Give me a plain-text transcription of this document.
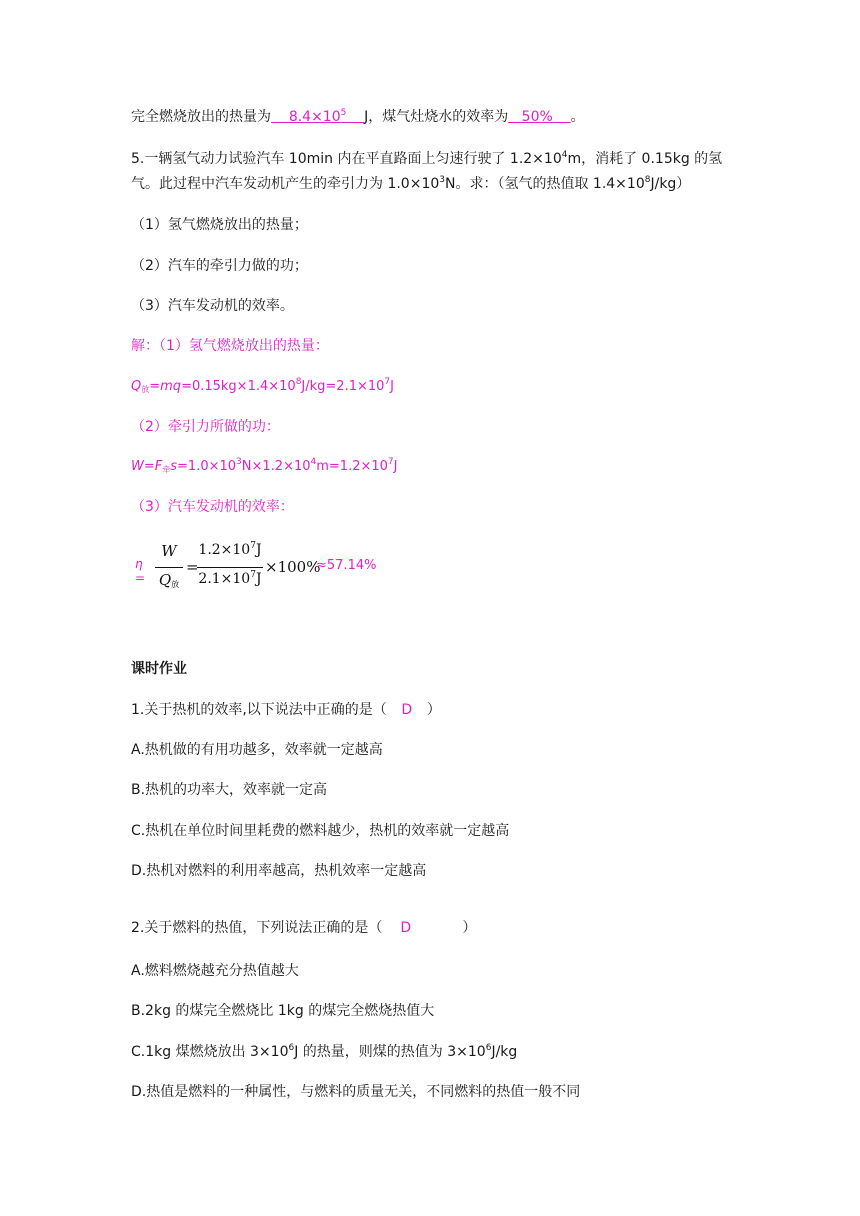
完全燃烧放出的热量为 $8.4\times 10^5$ J，煤气灶烧水的效率为 50% 。
5.一辆氢气动力试验汽车 10min 内在平直路面上匀速行驶了 $1.2\times 10^4m$，消耗了 0.15kg 的氢
气。此过程中汽车发动机产生的牵引力为 $1.0\times 10^3N$。求：（氢气的热值取 $1.4\times 10^8J/kg$）
（1）氢气燃烧放出的热量；
（2）汽车的牵引力做的功；
（3）汽车发动机的效率。
解：（1）氢气燃烧放出的热量：
$Q_放=mq=0.15kg\times 1.4\times 10^8J/kg=2.1\times 10^7J$
（2）牵引力所做的功：
$W=F_牵s=1.0\times 10^3N\times 1.2\times 10^4m=1.2\times 10^7J$
（3）汽车发动机的效率：
η =
W
$Q_放$
=
$1.2\times 10^7J$
$2.1\times 10^7J$
×100%
≈57.14%
课时作业
1.关于热机的效率,以下说法中正确的是（ D ）
A.热机做的有用功越多，效率就一定越高
B.热机的功率大，效率就一定高
C.热机在单位时间里耗费的燃料越少，热机的效率就一定越高
D.热机对燃料的利用率越高，热机效率一定越高
2.关于燃料的热值，下列说法正确的是（ D	）
A.燃料燃烧越充分热值越大
B.2kg 的煤完全燃烧比 1kg 的煤完全燃烧热值大
C.1kg 煤燃烧放出 $3\times 10^6J$ 的热量，则煤的热值为 $3\times 10^6J/kg$
D.热值是燃料的一种属性，与燃料的质量无关，不同燃料的热值一般不同
